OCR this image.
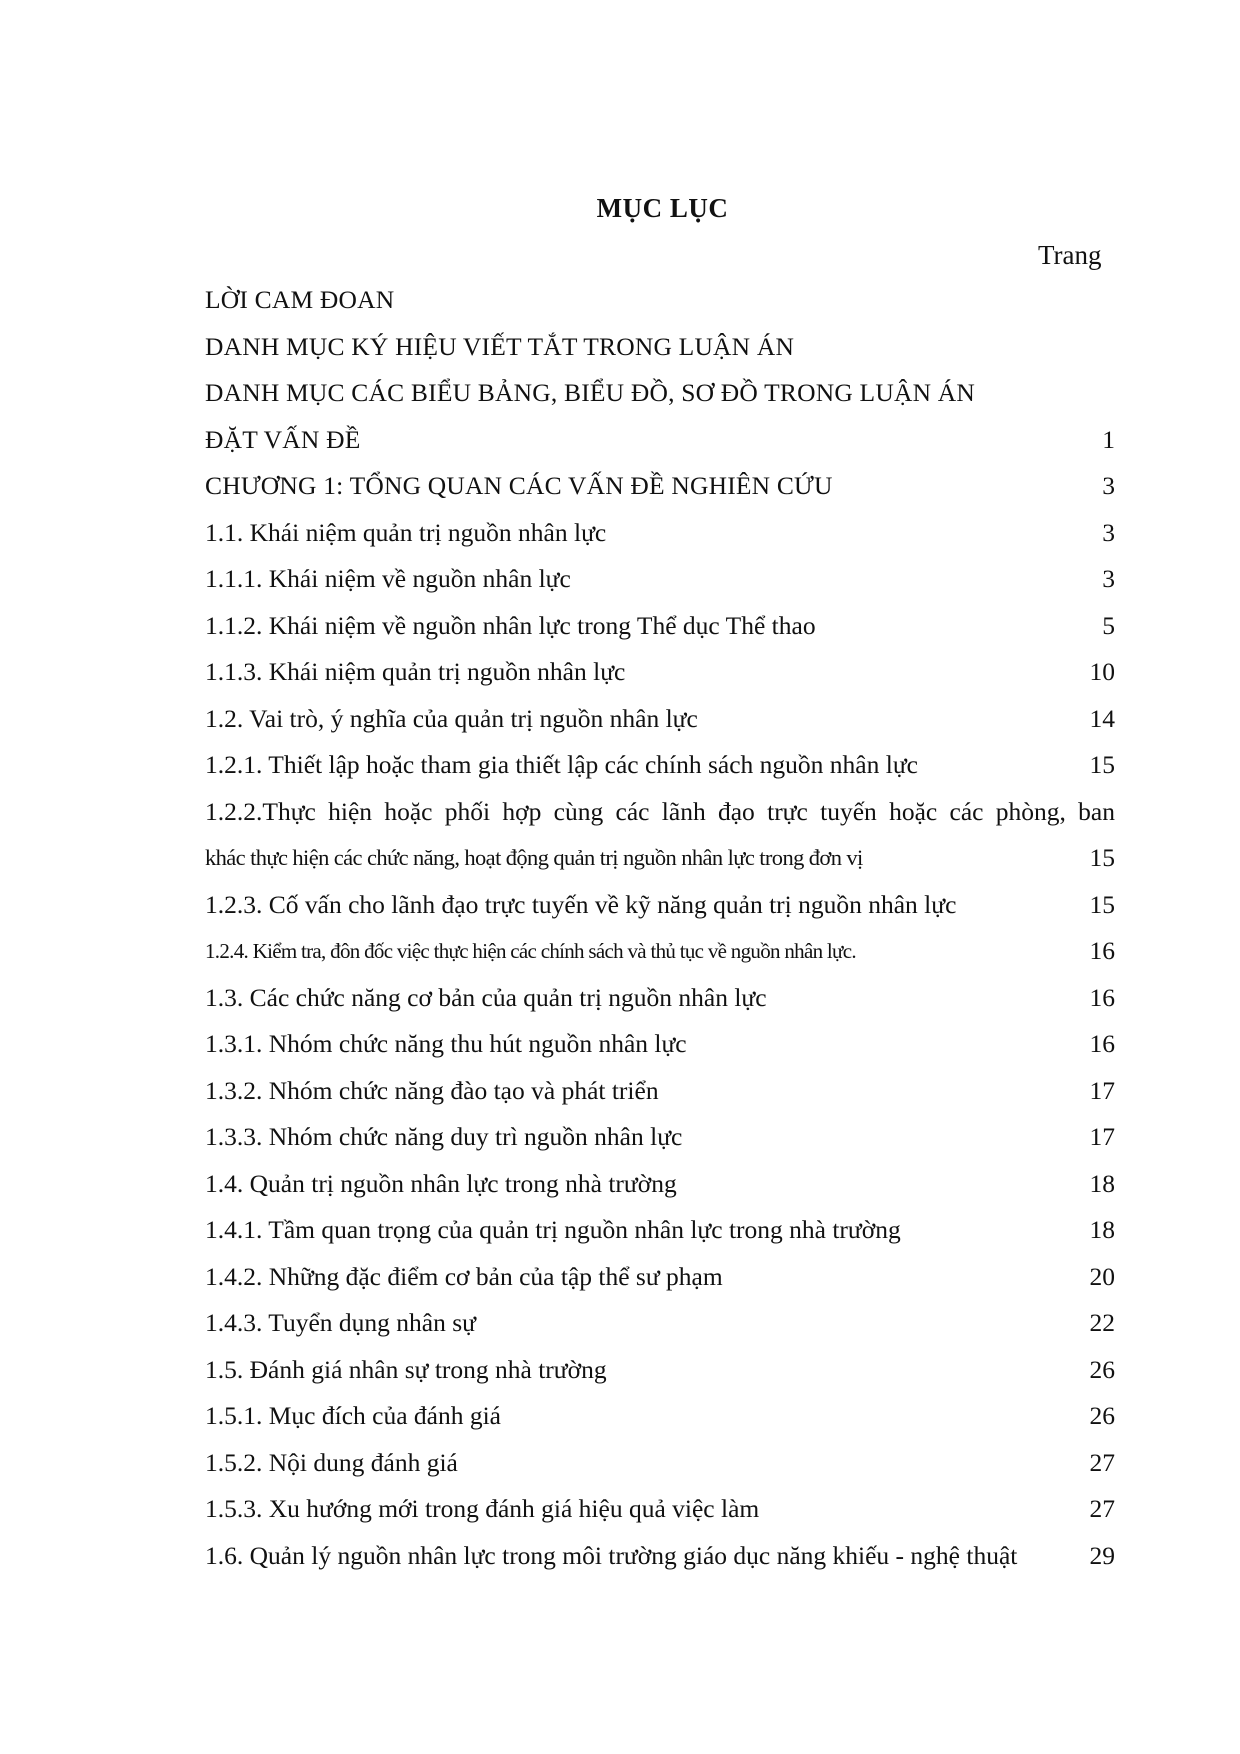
MỤC LỤC
Trang
LỜI CAM ĐOAN
DANH MỤC KÝ HIỆU VIẾT TẮT TRONG LUẬN ÁN
DANH MỤC CÁC BIỂU BẢNG, BIỂU ĐỒ, SƠ ĐỒ TRONG LUẬN ÁN
ĐẶT VẤN ĐỀ	1
CHƯƠNG 1: TỔNG QUAN CÁC VẤN ĐỀ NGHIÊN CỨU	3
1.1. Khái niệm quản trị nguồn nhân lực	3
1.1.1. Khái niệm về nguồn nhân lực	3
1.1.2. Khái niệm về nguồn nhân lực trong Thể dục Thể thao	5
1.1.3. Khái niệm quản trị nguồn nhân lực	10
1.2. Vai trò, ý nghĩa của quản trị nguồn nhân lực	14
1.2.1. Thiết lập hoặc tham gia thiết lập các chính sách nguồn nhân lực	15
1.2.2.Thực hiện hoặc phối hợp cùng các lãnh đạo trực tuyến hoặc các phòng, ban
khác thực hiện các chức năng, hoạt động quản trị nguồn nhân lực trong đơn vị	15
1.2.3. Cố vấn cho lãnh đạo trực tuyến về kỹ năng quản trị nguồn nhân lực	15
1.2.4. Kiểm tra, đôn đốc việc thực hiện các chính sách và thủ tục về nguồn nhân lực.	16
1.3. Các chức năng cơ bản của quản trị nguồn nhân lực	16
1.3.1. Nhóm chức năng thu hút nguồn nhân lực	16
1.3.2. Nhóm chức năng đào tạo và phát triển	17
1.3.3. Nhóm chức năng duy trì nguồn nhân lực	17
1.4. Quản trị nguồn nhân lực trong nhà trường	18
1.4.1. Tầm quan trọng của quản trị nguồn nhân lực trong nhà trường	18
1.4.2. Những đặc điểm cơ bản của tập thể sư phạm	20
1.4.3. Tuyển dụng nhân sự	22
1.5. Đánh giá nhân sự trong nhà trường	26
1.5.1. Mục đích của đánh giá	26
1.5.2. Nội dung đánh giá	27
1.5.3. Xu hướng mới trong đánh giá hiệu quả việc làm	27
1.6. Quản lý nguồn nhân lực trong môi trường giáo dục năng khiếu - nghệ thuật	29
